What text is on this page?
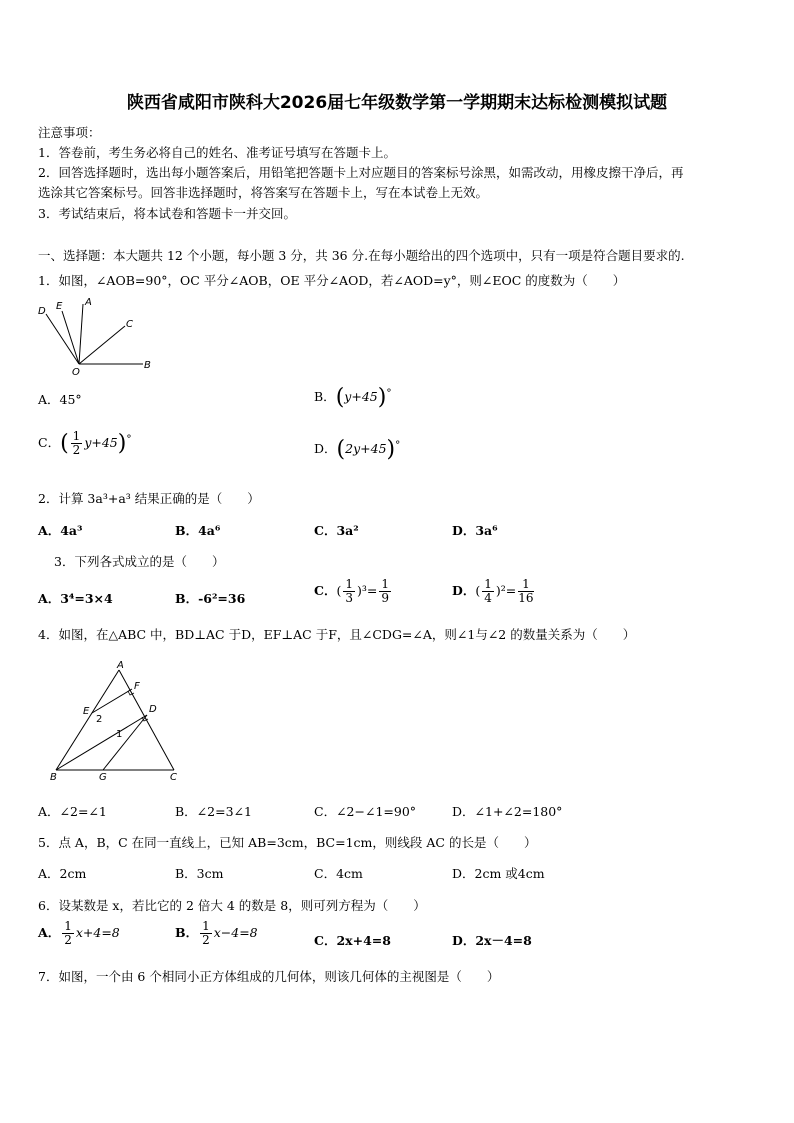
陕西省咸阳市陕科大2026届七年级数学第一学期期末达标检测模拟试题
注意事项：
1．答卷前，考生务必将自己的姓名、准考证号填写在答题卡上。
2．回答选择题时，选出每小题答案后，用铅笔把答题卡上对应题目的答案标号涂黑，如需改动，用橡皮擦干净后，再
选涂其它答案标号。回答非选择题时，将答案写在答题卡上，写在本试卷上无效。
3．考试结束后，将本试卷和答题卡一并交回。
一、选择题：本大题共 12 个小题，每小题 3 分，共 36 分.在每小题给出的四个选项中，只有一项是符合题目要求的.
1．如图，∠AOB=90°，OC 平分∠AOB，OE 平分∠AOD，若∠AOD=y°，则∠EOC 的度数为（　　）
D E A
C
O
B
A．45°	B．(y+45)°
C．( $\frac{1}{2} y+45)^\circ$
D．(2y+45)°
2．计算 3a³+a³ 结果正确的是（　　）
A．4a³	B．4a⁶	C．3a²	D．3a⁶
3．下列各式成立的是（　　）
A．3⁴=3×4	B．-6²=36
C．( $\frac{1}{3} )^3= \frac{1}{9}$	D．( $\frac{1}{4} )^2= \frac{1}{16}$
4．如图，在△ABC 中，BD⊥AC 于D，EF⊥AC 于F，且∠CDG=∠A，则∠1与∠2 的数量关系为（　　）
A
F
E	D
2
1
B	G	C
A．∠2=∠1	B．∠2=3∠1	C．∠2−∠1=90°	D．∠1+∠2=180°
5．点 A，B，C 在同一直线上，已知 AB=3cm，BC=1cm，则线段 AC 的长是（　　）
A．2cm	B．3cm	C．4cm	D．2cm 或4cm
6．设某数是 x，若比它的 2 倍大 4 的数是 8，则可列方程为（　　）
A． $\frac{1}{2} x+4=8$	B． $\frac{1}{2} x-4=8$
C．2x+4=8	D．2x－4=8
7．如图，一个由 6 个相同小正方体组成的几何体，则该几何体的主视图是（　　）
